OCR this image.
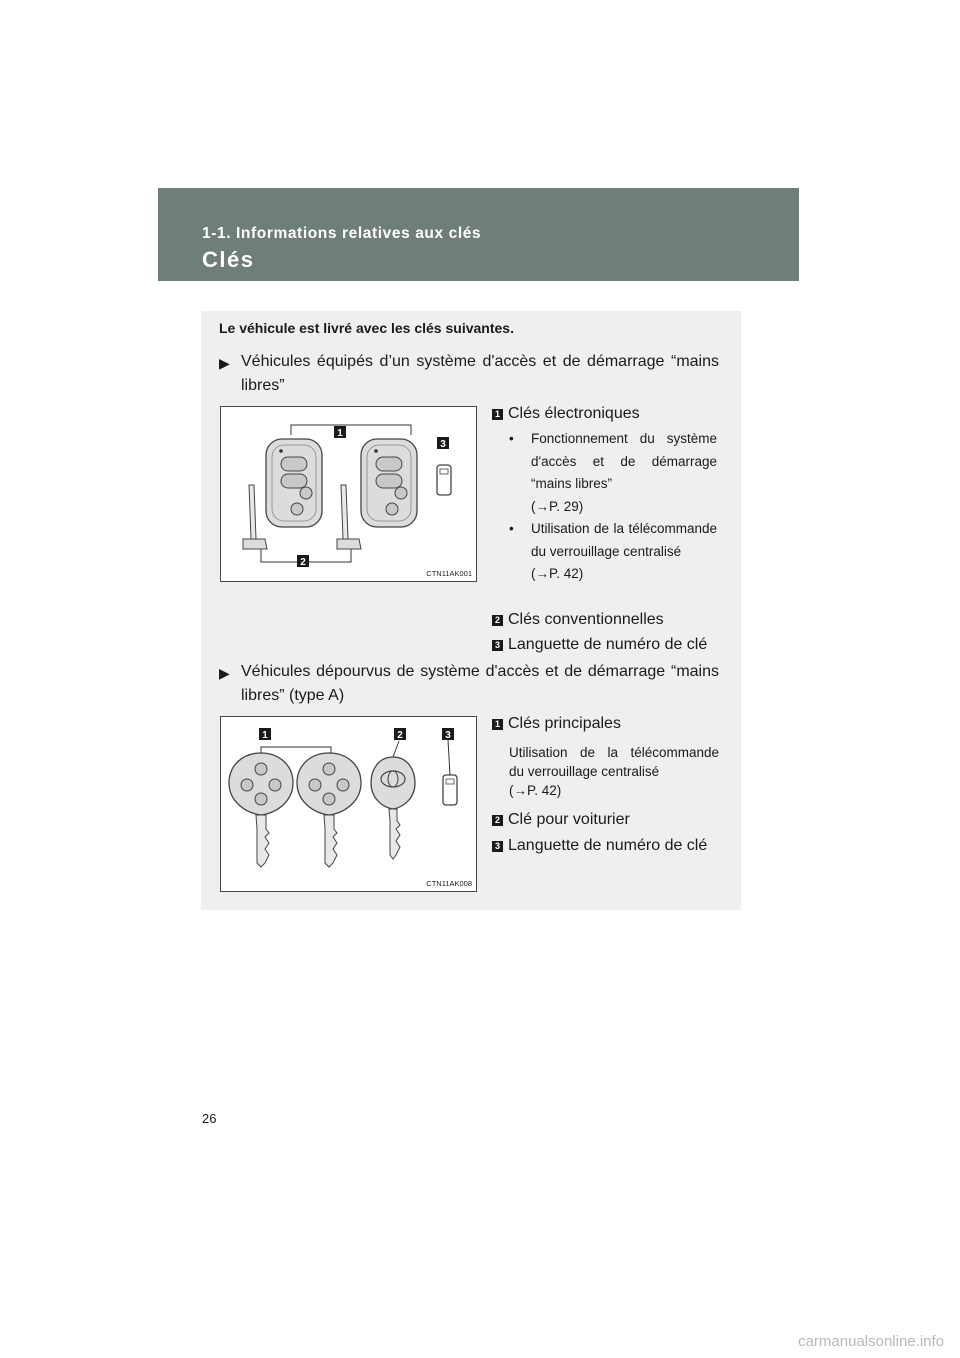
1-1. Informations relatives aux clés
Clés
Le véhicule est livré avec les clés suivantes.
▶ Véhicules équipés d’un système d'accès et de démarrage “mains libres”
1
3
2
CTN11AK001
1 Clés électroniques
• Fonctionnement du système d'accès et de démarrage “mains libres”
(→P. 29)
• Utilisation de la télécommande du verrouillage centralisé
(→P. 42)
2 Clés conventionnelles
3 Languette de numéro de clé
▶ Véhicules dépourvus de système d'accès et de démarrage “mains libres” (type A)
1	2	3
CTN11AK008
1 Clés principales
Utilisation de la télécommande
du verrouillage centralisé
(→P. 42)
2 Clé pour voiturier
3 Languette de numéro de clé
26
carmanualsonline.info
